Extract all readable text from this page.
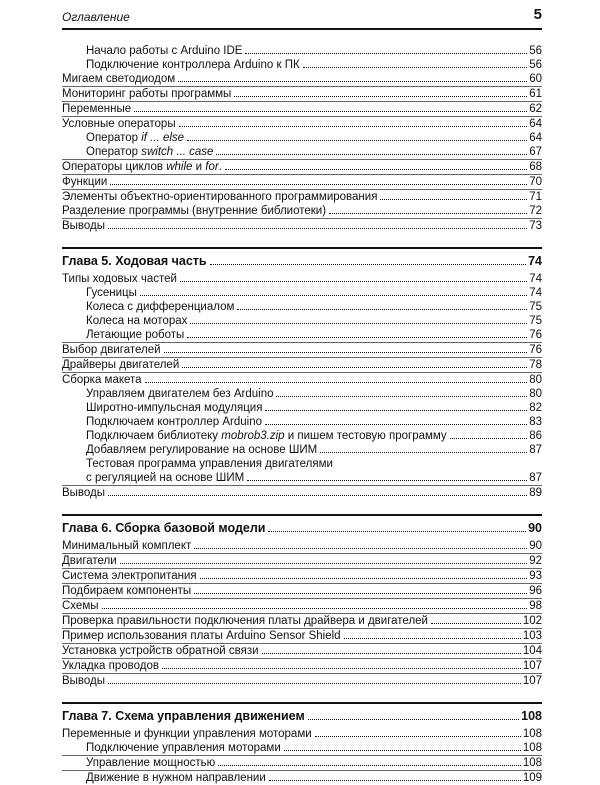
Оглавление	5
Начало работы с Arduino IDE	56
Подключение контроллера Arduino к ПК	56
Мигаем светодиодом	60
Мониторинг работы программы	61
Переменные	62
Условные операторы	64
Оператор if ... else	64
Оператор switch ... case	67
Операторы циклов while и for.	68
Функции	70
Элементы объектно-ориентированного программирования	71
Разделение программы (внутренние библиотеки)	72
Выводы	73
Глава 5. Ходовая часть	74
Типы ходовых частей	74
Гусеницы	74
Колеса с дифференциалом	75
Колеса на моторах	75
Летающие роботы	76
Выбор двигателей	76
Драйверы двигателей	78
Сборка макета	80
Управляем двигателем без Arduino	80
Широтно-импульсная модуляция	82
Подключаем контроллер Arduino	83
Подключаем библиотеку mobrob3.zip и пишем тестовую программу	86
Добавляем регулирование на основе ШИМ	87
Тестовая программа управления двигателями
с регуляцией на основе ШИМ	87
Выводы	89
Глава 6. Сборка базовой модели	90
Минимальный комплект	90
Двигатели	92
Система электропитания	93
Подбираем компоненты	96
Схемы	98
Проверка правильности подключения платы драйвера и двигателей	102
Пример использования платы Arduino Sensor Shield	103
Установка устройств обратной связи	104
Укладка проводов	107
Выводы	107
Глава 7. Схема управления движением	108
Переменные и функции управления моторами	108
Подключение управления моторами	108
Управление мощностью	108
Движение в нужном направлении	109
